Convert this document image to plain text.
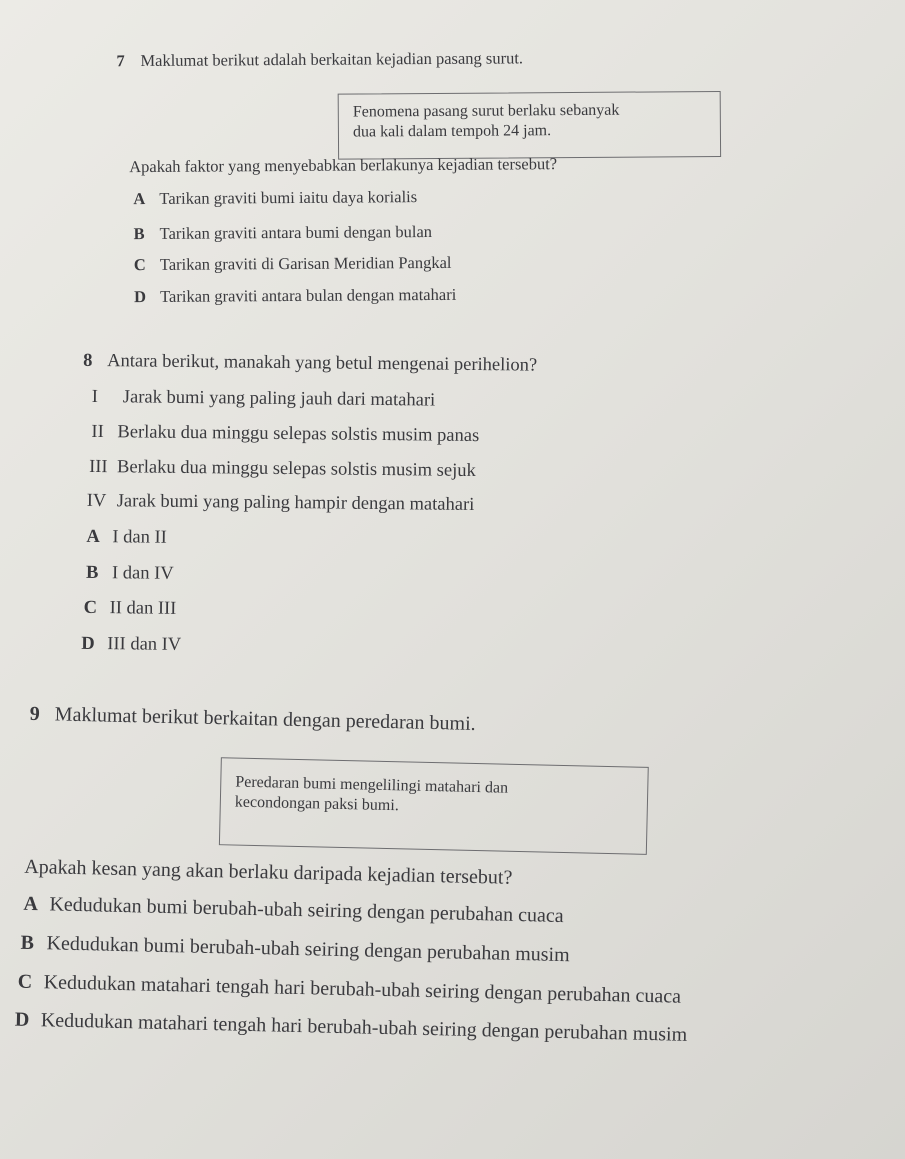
7 Maklumat berikut adalah berkaitan kejadian pasang surut.
Fenomena pasang surut berlaku sebanyak
dua kali dalam tempoh 24 jam.
Apakah faktor yang menyebabkan berlakunya kejadian tersebut?
A Tarikan graviti bumi iaitu daya korialis
B Tarikan graviti antara bumi dengan bulan
C Tarikan graviti di Garisan Meridian Pangkal
D Tarikan graviti antara bulan dengan matahari
8 Antara berikut, manakah yang betul mengenai perihelion?
I Jarak bumi yang paling jauh dari matahari
II Berlaku dua minggu selepas solstis musim panas
III Berlaku dua minggu selepas solstis musim sejuk
IV Jarak bumi yang paling hampir dengan matahari
A I dan II
B I dan IV
C II dan III
D III dan IV
9 Maklumat berikut berkaitan dengan peredaran bumi.
Peredaran bumi mengelilingi matahari dan
kecondongan paksi bumi.
Apakah kesan yang akan berlaku daripada kejadian tersebut?
A Kedudukan bumi berubah-ubah seiring dengan perubahan cuaca
B Kedudukan bumi berubah-ubah seiring dengan perubahan musim
C Kedudukan matahari tengah hari berubah-ubah seiring dengan perubahan cuaca
D Kedudukan matahari tengah hari berubah-ubah seiring dengan perubahan musim
